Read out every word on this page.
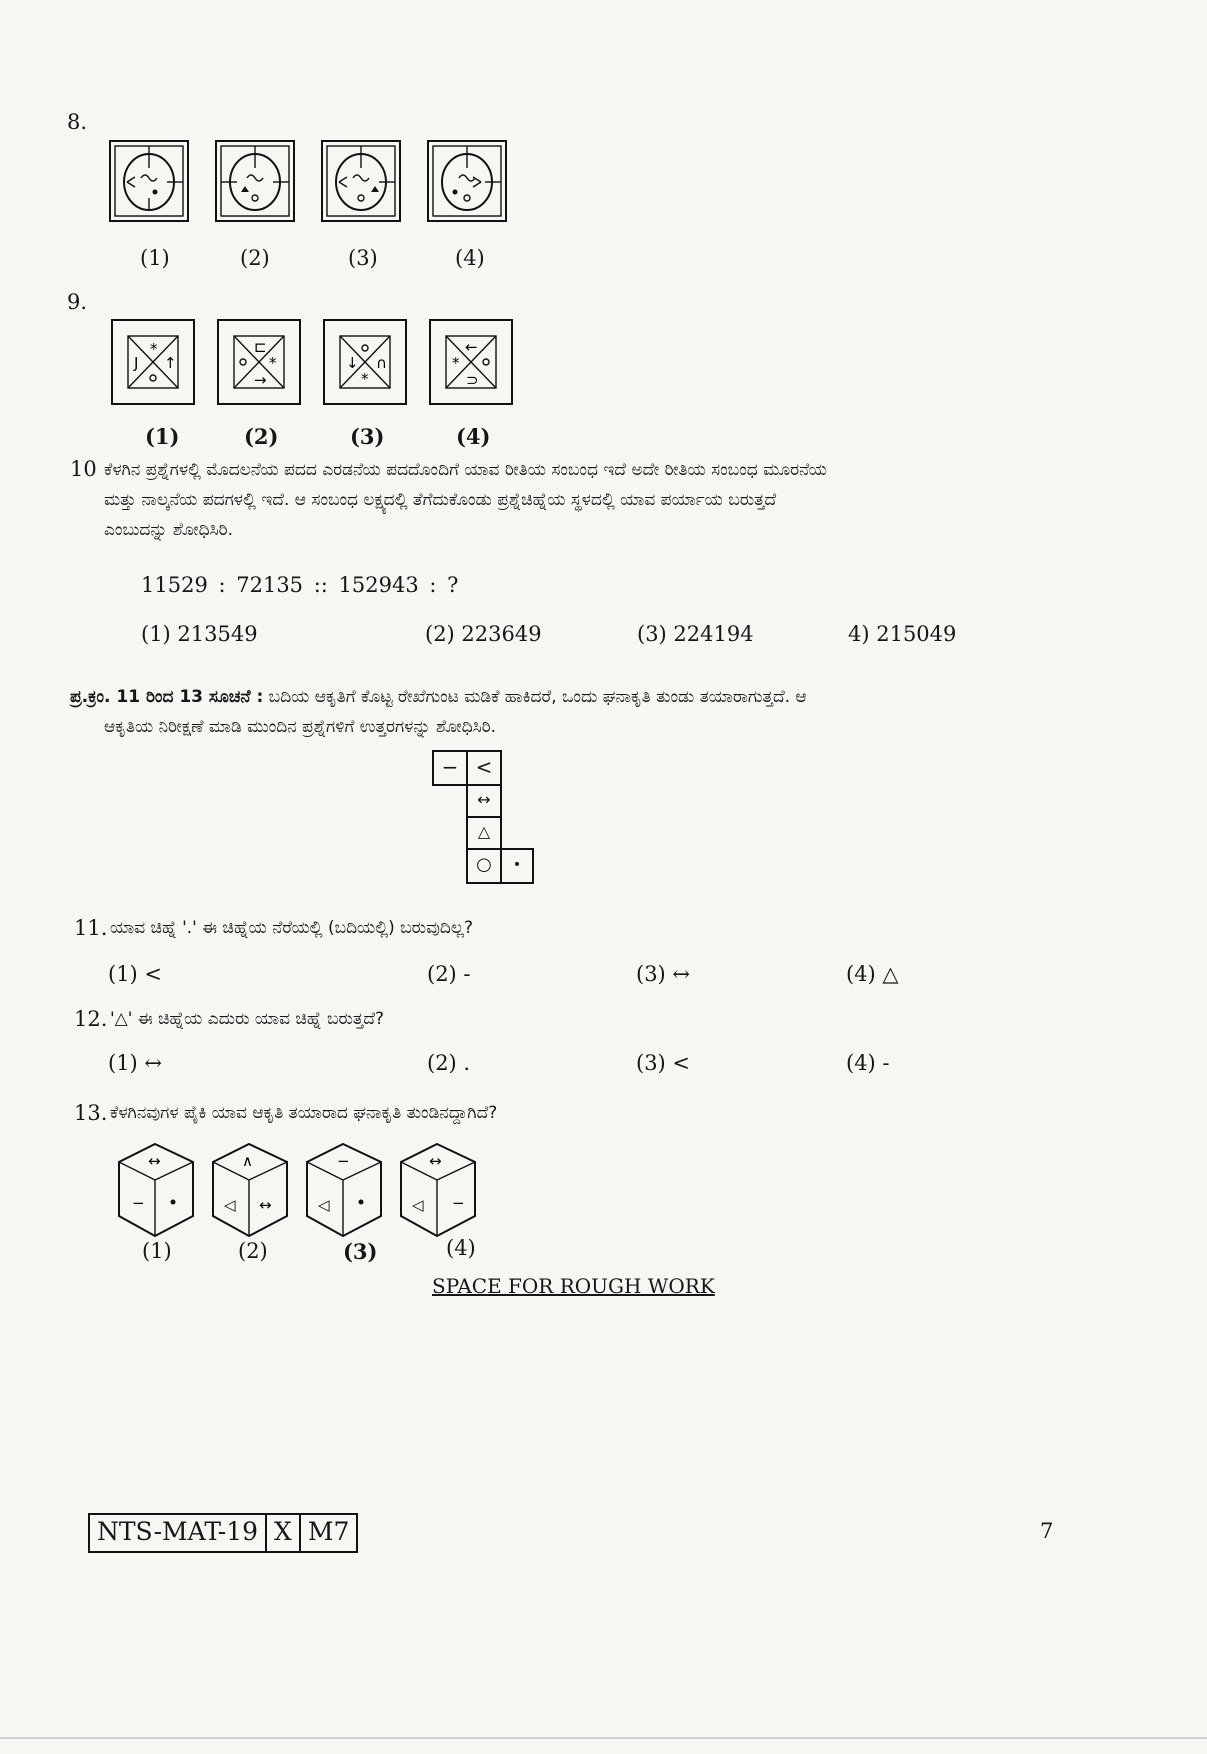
8.
(1)	(2)	(3)	(4)
9.
*
J ↑
⊏
*
→
↓ ∩
*
←
*
⊃
(1)	(2)	(3)	(4)
10 ಕೆಳಗಿನ ಪ್ರಶ್ನೆಗಳಲ್ಲಿ ಮೊದಲನೆಯ ಪದದ ಎರಡನೆಯ ಪದದೊಂದಿಗೆ ಯಾವ ರೀತಿಯ ಸಂಬಂಧ ಇದೆ ಅದೇ ರೀತಿಯ ಸಂಬಂಧ ಮೂರನೆಯ
ಮತ್ತು ನಾಲ್ಕನೆಯ ಪದಗಳಲ್ಲಿ ಇದೆ. ಆ ಸಂಬಂಧ ಲಕ್ಷ್ಯದಲ್ಲಿ ತೆಗೆದುಕೊಂಡು ಪ್ರಶ್ನೆಚಿಹ್ನೆಯ ಸ್ಥಳದಲ್ಲಿ ಯಾವ ಪರ್ಯಾಯ ಬರುತ್ತದೆ
ಎಂಬುದನ್ನು ಶೋಧಿಸಿರಿ.
11529 : 72135 :: 152943 : ?
(1) 213549	(2) 223649	(3) 224194	4) 215049
ಪ್ರ.ಕ್ರಂ. 11 ರಿಂದ 13 ಸೂಚನೆ : ಬದಿಯ ಆಕೃತಿಗೆ ಕೊಟ್ಟ ರೇಖೆಗುಂಟ ಮಡಿಕೆ ಹಾಕಿದರೆ, ಒಂದು ಘನಾಕೃತಿ ತುಂಡು ತಯಾರಾಗುತ್ತದೆ. ಆ
ಆಕೃತಿಯ ನಿರೀಕ್ಷಣೆ ಮಾಡಿ ಮುಂದಿನ ಪ್ರಶ್ನೆಗಳಿಗೆ ಉತ್ತರಗಳನ್ನು ಶೋಧಿಸಿರಿ.
− <
↔
△
○	•
11. ಯಾವ ಚಿಹ್ನೆ '.' ಈ ಚಿಹ್ನೆಯ ನೆರೆಯಲ್ಲಿ (ಬದಿಯಲ್ಲಿ) ಬರುವುದಿಲ್ಲ?
(1) <	(2) -	(3) ↔	(4) △
12. '△' ಈ ಚಿಹ್ನೆಯ ಎದುರು ಯಾವ ಚಿಹ್ನೆ ಬರುತ್ತದೆ?
(1) ↔	(2) .	(3) <	(4) -
13. ಕೆಳಗಿನವುಗಳ ಪೈಕಿ ಯಾವ ಆಕೃತಿ ತಯಾರಾದ ಘನಾಕೃತಿ ತುಂಡಿನದ್ದಾಗಿದೆ?
↔
−
∧
◁ ↔
−
◁
↔
◁ −
(1)	(2)	(3)	(4)
SPACE FOR ROUGH WORK
NTS-MAT-19 X M7	7
